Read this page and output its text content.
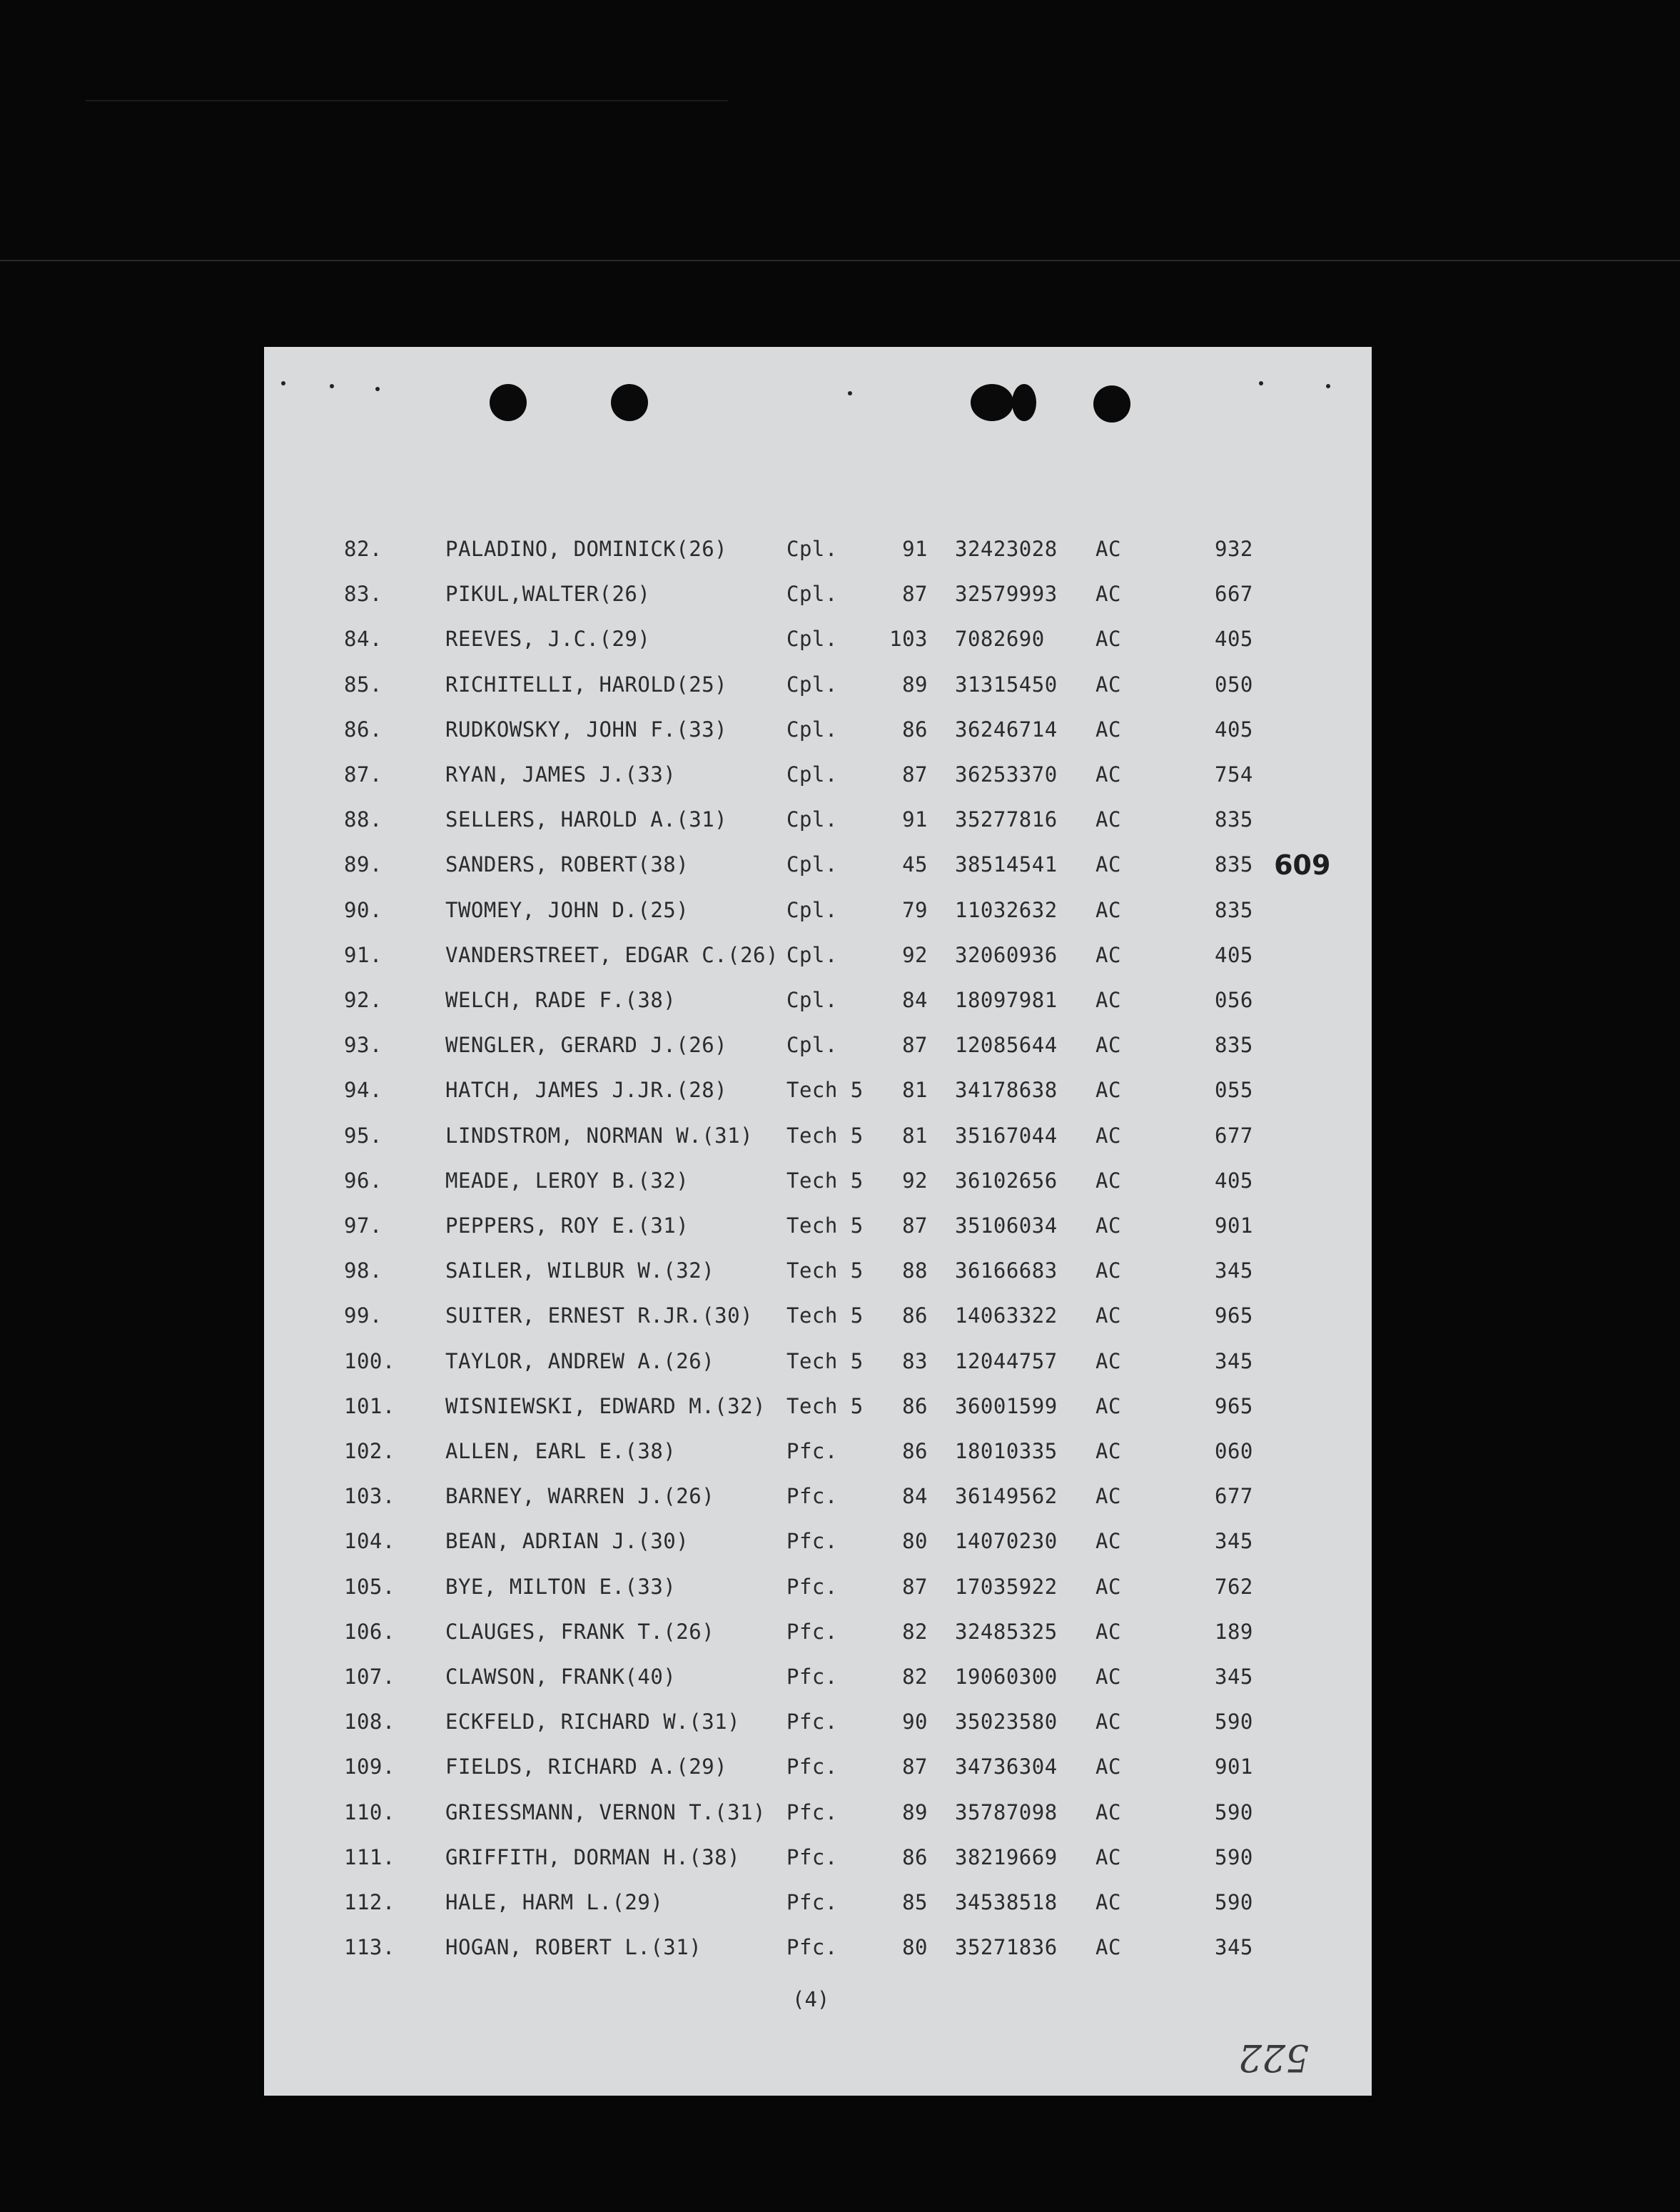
82.	PALADINO, DOMINICK(26)	Cpl.	91 32423028 AC	932
83.	PIKUL,WALTER(26)	Cpl.	87 32579993 AC	667
84.	REEVES, J.C.(29)	Cpl.	103 7082690 AC	405
85.	RICHITELLI, HAROLD(25)	Cpl.	89 31315450 AC	050
86.	RUDKOWSKY, JOHN F.(33)	Cpl.	86 36246714 AC	405
87.	RYAN, JAMES J.(33)	Cpl.	87 36253370 AC	754
88.	SELLERS, HAROLD A.(31)	Cpl.	91 35277816 AC	835
89.	SANDERS, ROBERT(38)	Cpl.	45 38514541 AC	835
90.	TWOMEY, JOHN D.(25)	Cpl.	79 11032632 AC	835
91.	VANDERSTREET, EDGAR C.(26) Cpl.	92 32060936 AC	405
92.	WELCH, RADE F.(38)	Cpl.	84 18097981 AC	056
93.	WENGLER, GERARD J.(26)	Cpl.	87 12085644 AC	835
94.	HATCH, JAMES J.JR.(28)	Tech 5	81 34178638 AC	055
95.	LINDSTROM, NORMAN W.(31) Tech 5	81 35167044 AC	677
96.	MEADE, LEROY B.(32)	Tech 5	92 36102656 AC	405
97.	PEPPERS, ROY E.(31)	Tech 5	87 35106034 AC	901
98.	SAILER, WILBUR W.(32)	Tech 5	88 36166683 AC	345
99.	SUITER, ERNEST R.JR.(30) Tech 5	86 14063322 AC	965
100. TAYLOR, ANDREW A.(26)	Tech 5	83 12044757 AC	345
101. WISNIEWSKI, EDWARD M.(32) Tech 5	86 36001599 AC	965
102. ALLEN, EARL E.(38)	Pfc.	86 18010335 AC	060
103. BARNEY, WARREN J.(26)	Pfc.	84 36149562 AC	677
104. BEAN, ADRIAN J.(30)	Pfc.	80 14070230 AC	345
105. BYE, MILTON E.(33)	Pfc.	87 17035922 AC	762
106. CLAUGES, FRANK T.(26)	Pfc.	82 32485325 AC	189
107. CLAWSON, FRANK(40)	Pfc.	82 19060300 AC	345
108. ECKFELD, RICHARD W.(31) Pfc.	90 35023580 AC	590
109. FIELDS, RICHARD A.(29)	Pfc.	87 34736304 AC	901
110. GRIESSMANN, VERNON T.(31) Pfc.	89 35787098 AC	590
111. GRIFFITH, DORMAN H.(38) Pfc.	86 38219669 AC	590
112. HALE, HARM L.(29)	Pfc.	85 34538518 AC	590
113. HOGAN, ROBERT L.(31)	Pfc.	80 35271836 AC	345
(4)
609
522
